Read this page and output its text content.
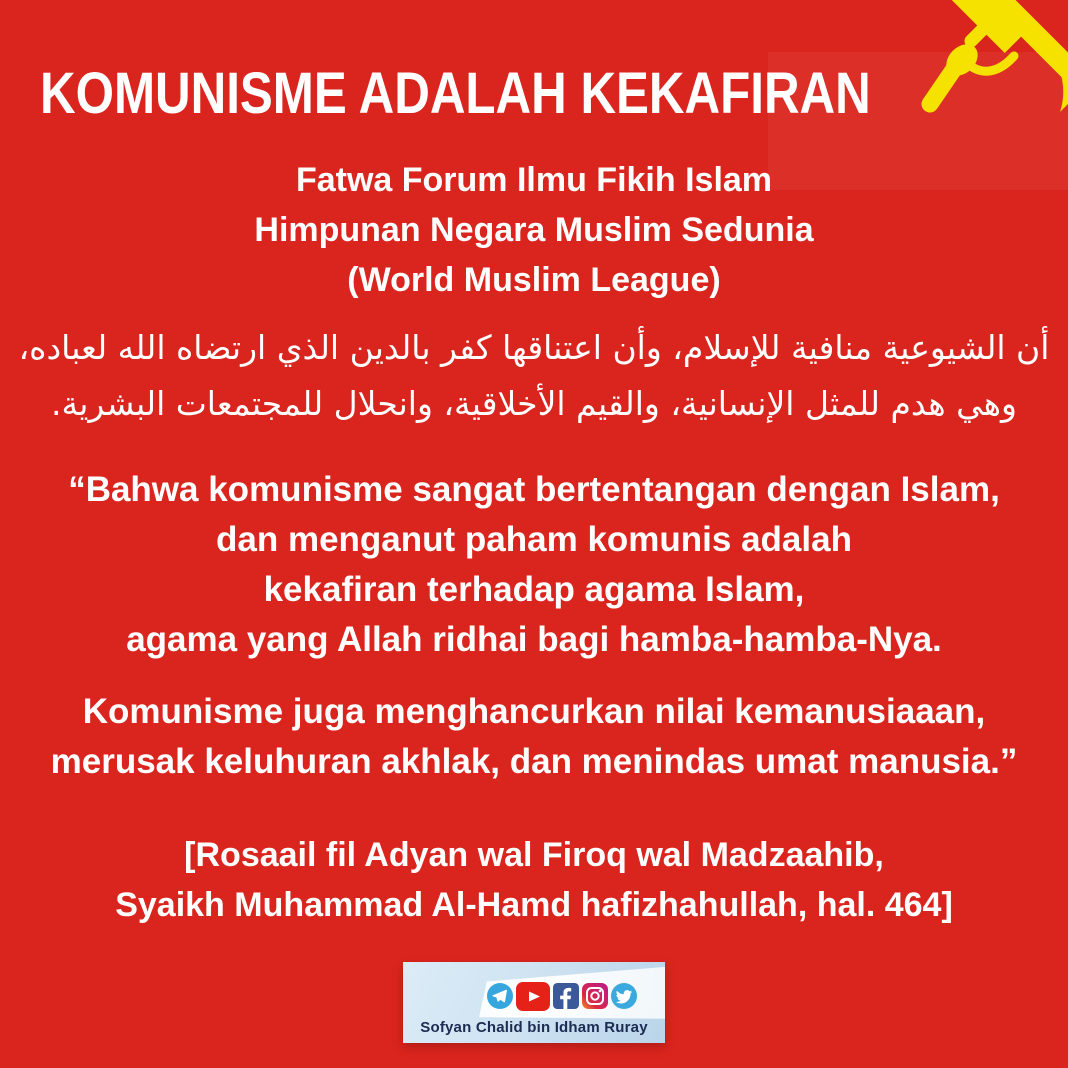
KOMUNISME ADALAH KEKAFIRAN
Fatwa Forum Ilmu Fikih Islam
Himpunan Negara Muslim Sedunia
(World Muslim League)
أن الشيوعية منافية للإسلام، وأن اعتناقها كفر بالدين الذي ارتضاه الله لعباده،
وهي هدم للمثل الإنسانية، والقيم الأخلاقية، وانحلال للمجتمعات البشرية.
“Bahwa komunisme sangat bertentangan dengan Islam,
dan menganut paham komunis adalah
kekafiran terhadap agama Islam,
agama yang Allah ridhai bagi hamba-hamba-Nya.
Komunisme juga menghancurkan nilai kemanusiaaan,
merusak keluhuran akhlak, dan menindas umat manusia.”
[Rosaail fil Adyan wal Firoq wal Madzaahib,
Syaikh Muhammad Al-Hamd hafizhahullah, hal. 464]
Sofyan Chalid bin Idham Ruray
